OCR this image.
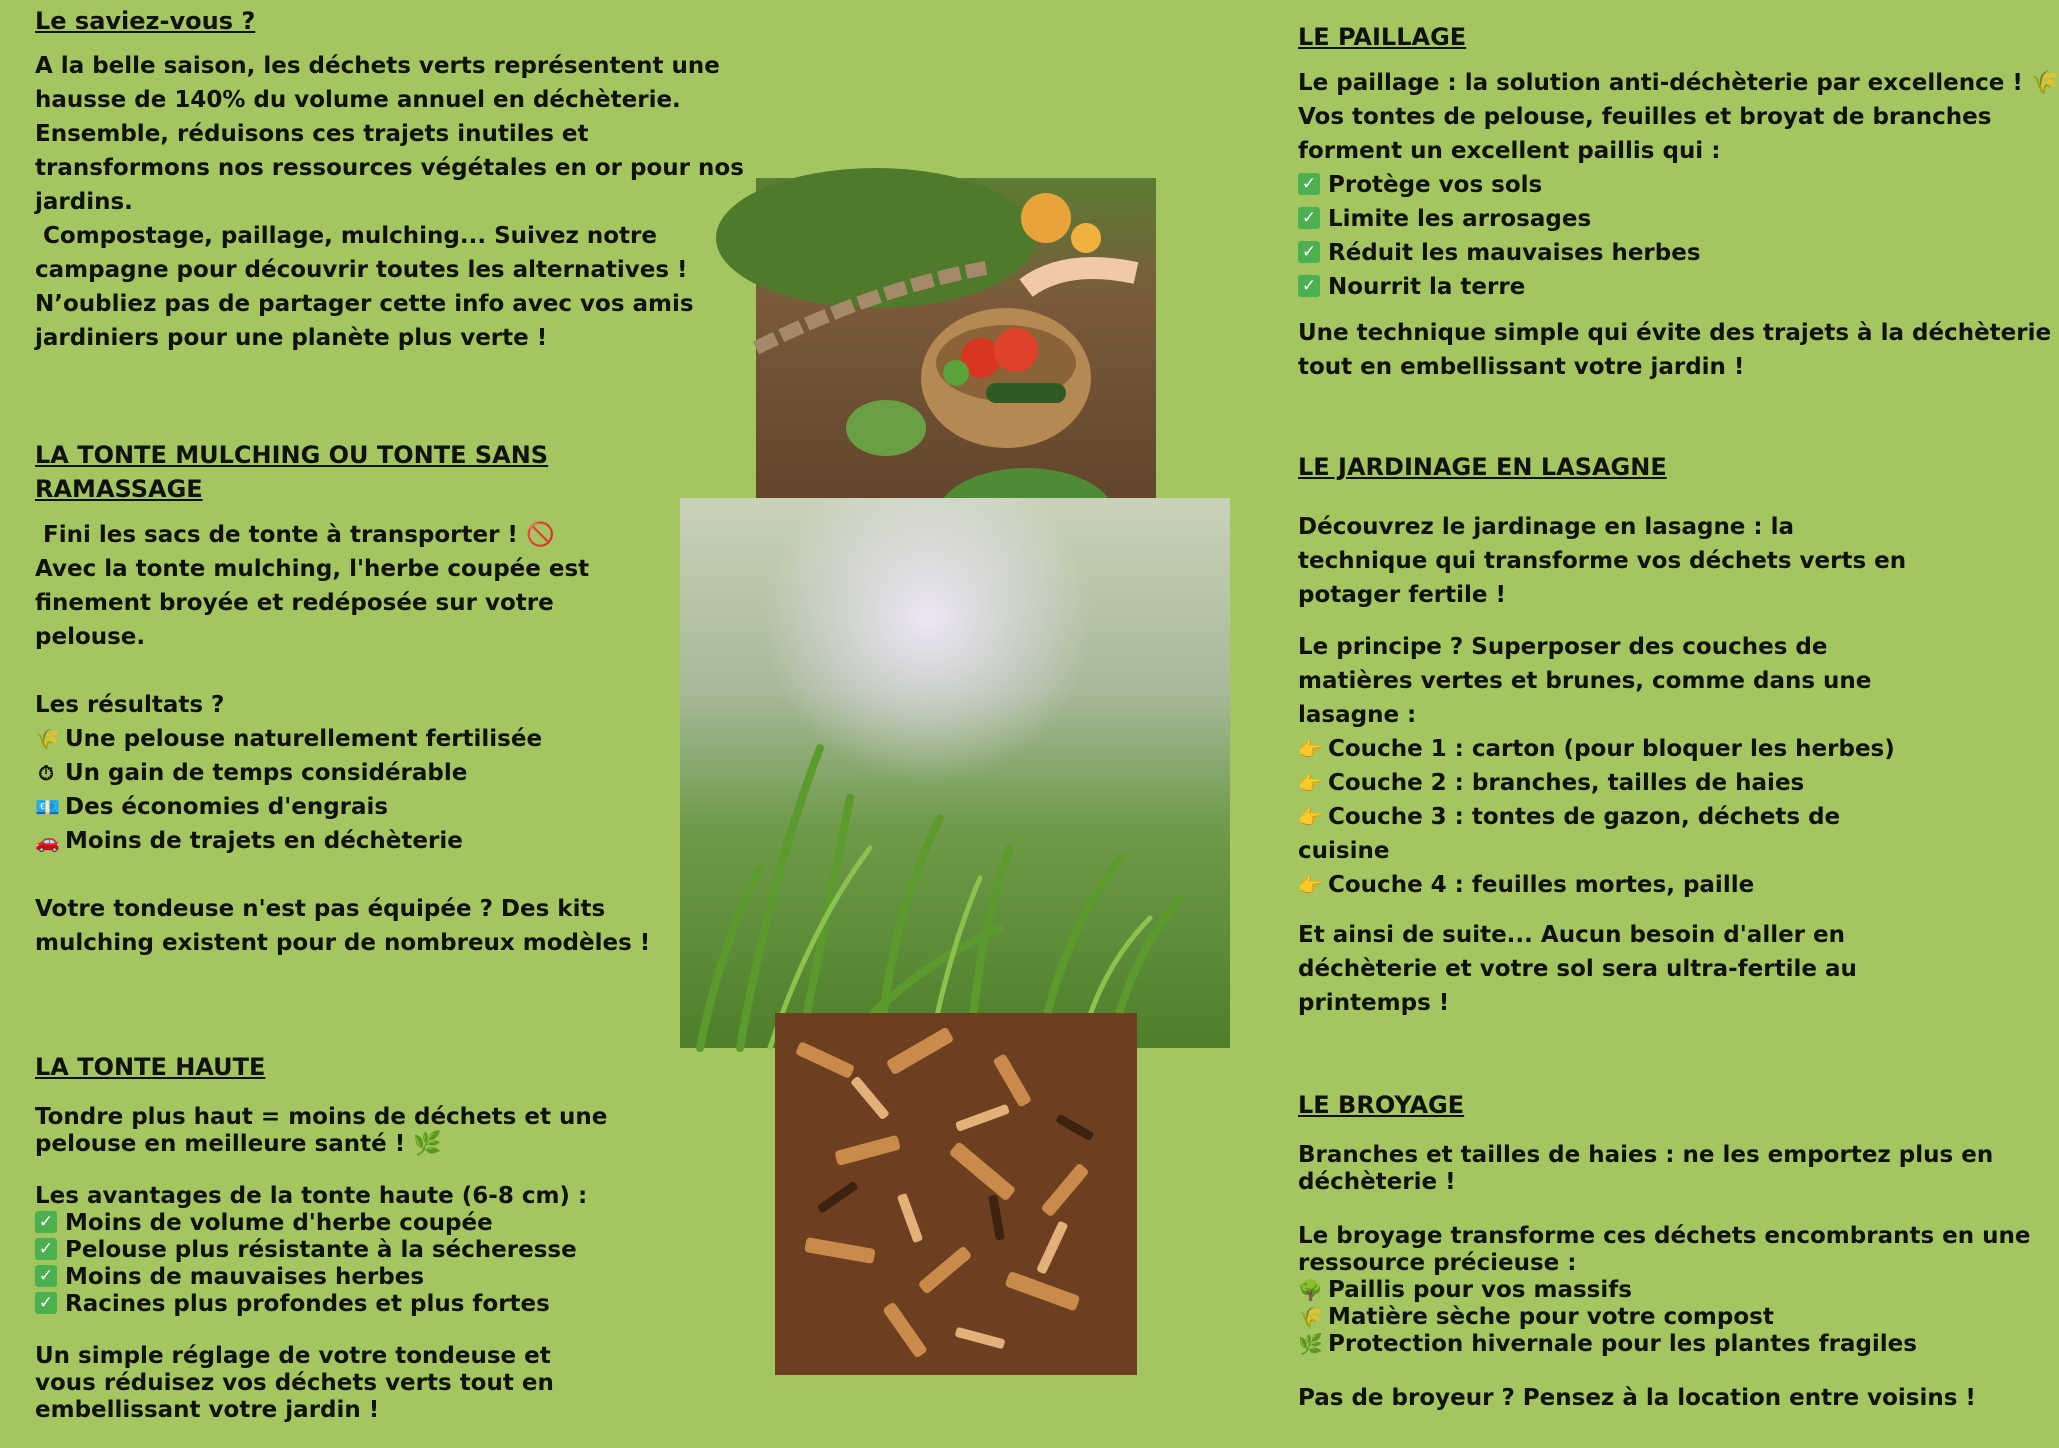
Le saviez-vous ?
A la belle saison, les déchets verts représentent une
hausse de 140% du volume annuel en déchèterie.
Ensemble, réduisons ces trajets inutiles et
transformons nos ressources végétales en or pour nos
jardins.
Compostage, paillage, mulching... Suivez notre
campagne pour découvrir toutes les alternatives !
N’oubliez pas de partager cette info avec vos amis
jardiniers pour une planète plus verte !
LA TONTE MULCHING OU TONTE SANS
RAMASSAGE
Fini les sacs de tonte à transporter ! 🚫
Avec la tonte mulching, l'herbe coupée est
finement broyée et redéposée sur votre
pelouse.
Les résultats ?
🌾 Une pelouse naturellement fertilisée
⏱ Un gain de temps considérable
💶 Des économies d'engrais
🚗 Moins de trajets en déchèterie
Votre tondeuse n'est pas équipée ? Des kits
mulching existent pour de nombreux modèles !
LA TONTE HAUTE
Tondre plus haut = moins de déchets et une
pelouse en meilleure santé ! 🌿
Les avantages de la tonte haute (6-8 cm) :
✓ Moins de volume d'herbe coupée
✓ Pelouse plus résistante à la sécheresse
✓ Moins de mauvaises herbes
✓ Racines plus profondes et plus fortes
Un simple réglage de votre tondeuse et
vous réduisez vos déchets verts tout en
embellissant votre jardin !
LE PAILLAGE
Le paillage : la solution anti-déchèterie par excellence ! 🌾
Vos tontes de pelouse, feuilles et broyat de branches
forment un excellent paillis qui :
✓ Protège vos sols
✓ Limite les arrosages
✓ Réduit les mauvaises herbes
✓ Nourrit la terre
Une technique simple qui évite des trajets à la déchèterie
tout en embellissant votre jardin !
LE JARDINAGE EN LASAGNE
Découvrez le jardinage en lasagne : la
technique qui transforme vos déchets verts en
potager fertile !
Le principe ? Superposer des couches de
matières vertes et brunes, comme dans une
lasagne :
👉 Couche 1 : carton (pour bloquer les herbes)
👉 Couche 2 : branches, tailles de haies
👉 Couche 3 : tontes de gazon, déchets de
cuisine
👉 Couche 4 : feuilles mortes, paille
Et ainsi de suite... Aucun besoin d'aller en
déchèterie et votre sol sera ultra-fertile au
printemps !
LE BROYAGE
Branches et tailles de haies : ne les emportez plus en
déchèterie !
Le broyage transforme ces déchets encombrants en une
ressource précieuse :
🌳 Paillis pour vos massifs
🌾 Matière sèche pour votre compost
🌿 Protection hivernale pour les plantes fragiles
Pas de broyeur ? Pensez à la location entre voisins !
